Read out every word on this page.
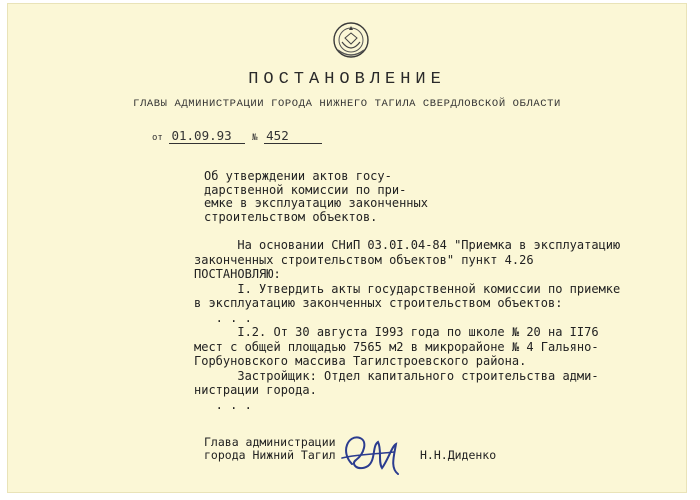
ПОСТАНОВЛЕНИЕ
ГЛАВЫ АДМИНИСТРАЦИИ ГОРОДА НИЖНЕГО ТАГИЛА СВЕРДЛОВСКОЙ ОБЛАСТИ
от 01.09.93 № 452
Об утверждении актов госу-
дарственной комиссии по при-
емке в эксплуатацию законченных
строительством объектов.
На основании СНиП 03.0I.04-84 "Приемка в эксплуатацию
законченных строительством объектов" пункт 4.26
ПОСТАНОВЛЯЮ:
I. Утвердить акты государственной комиссии по приемке
в эксплуатацию законченных строительством объектов:
. . .
I.2. От 30 августа I993 года по школе № 20 на II76
мест с общей площадью 7565 м2 в микрорайоне № 4 Гальяно-
Горбуновского массива Тагилстроевского района.
Застройщик: Отдел капитального строительства адми-
нистрации города.
. . .
Глава администрации
города Нижний Тагил	Н.Н.Диденко
